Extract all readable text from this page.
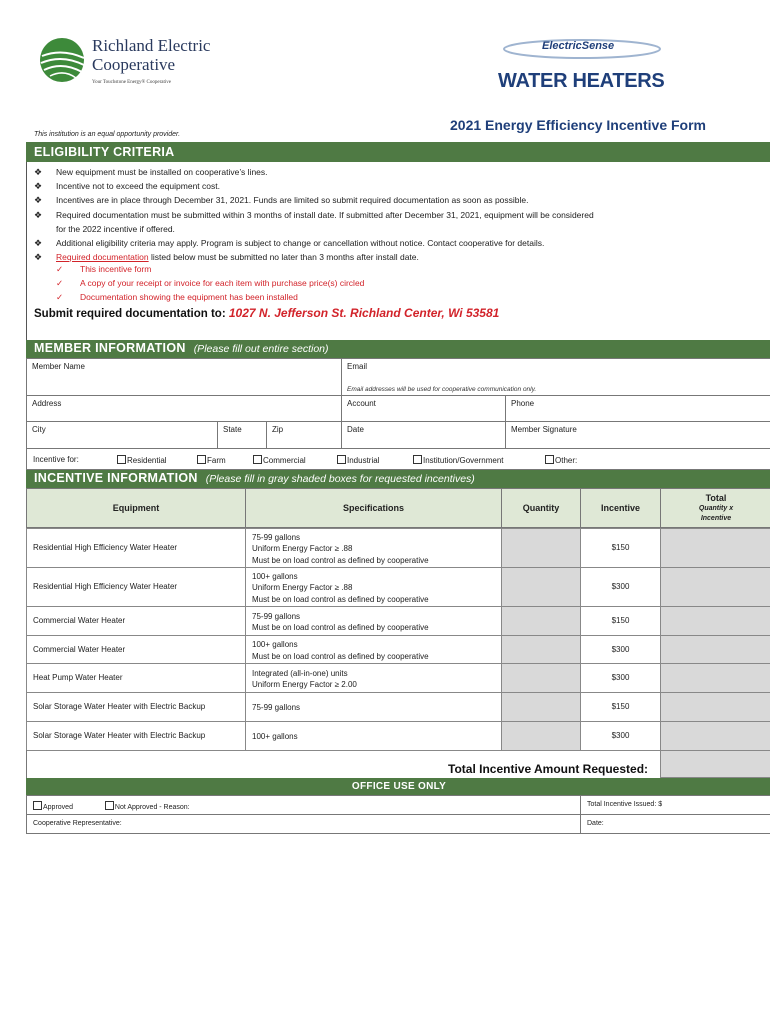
Richland Electric
Cooperative
Your Touchstone Energy® Cooperative
ElectricSense
WATER HEATERS
This institution is an equal opportunity provider.
2021 Energy Efficiency Incentive Form
ELIGIBILITY CRITERIA
❖ New equipment must be installed on cooperative’s lines.
❖ Incentive not to exceed the equipment cost.
❖ Incentives are in place through December 31, 2021. Funds are limited so submit required documentation as soon as possible.
❖ Required documentation must be submitted within 3 months of install date. If submitted after December 31, 2021, equipment will be considered
for the 2022 incentive if offered.
❖ Additional eligibility criteria may apply. Program is subject to change or cancellation without notice. Contact cooperative for details.
❖ Required documentation listed below must be submitted no later than 3 months after install date.
✓ This incentive form
✓ A copy of your receipt or invoice for each item with purchase price(s) circled
✓ Documentation showing the equipment has been installed
Submit required documentation to: 1027 N. Jefferson St. Richland Center, Wi 53581
MEMBER INFORMATION (Please fill out entire section)
Member Name	Email
Email addresses will be used for cooperative communication only.
Address	Account	Phone
City	State	Zip	Date	Member Signature
Incentive for:	Residential	Farm	Commercial	Industrial	Institution/Government	Other:
INCENTIVE INFORMATION (Please fill in gray shaded boxes for requested incentives)
Equipment	Specifications	Quantity	Incentive
Total
Quantity x
Incentive
Residential High Efficiency Water Heater
75-99 gallons
Uniform Energy Factor ≥ .88
Must be on load control as defined by cooperative
$150
Residential High Efficiency Water Heater
100+ gallons
Uniform Energy Factor ≥ .88
Must be on load control as defined by cooperative
$300
Commercial Water Heater	75-99 gallons
Must be on load control as defined by cooperative
$150
Commercial Water Heater	100+ gallons
Must be on load control as defined by cooperative
$300
Heat Pump Water Heater	Integrated (all-in-one) units
Uniform Energy Factor ≥ 2.00
$300
Solar Storage Water Heater with Electric Backup	75-99 gallons	$150
Solar Storage Water Heater with Electric Backup	100+ gallons	$300
Total Incentive Amount Requested:
OFFICE USE ONLY
Approved	Not Approved - Reason:	Total Incentive Issued: $
Cooperative Representative:	Date:
